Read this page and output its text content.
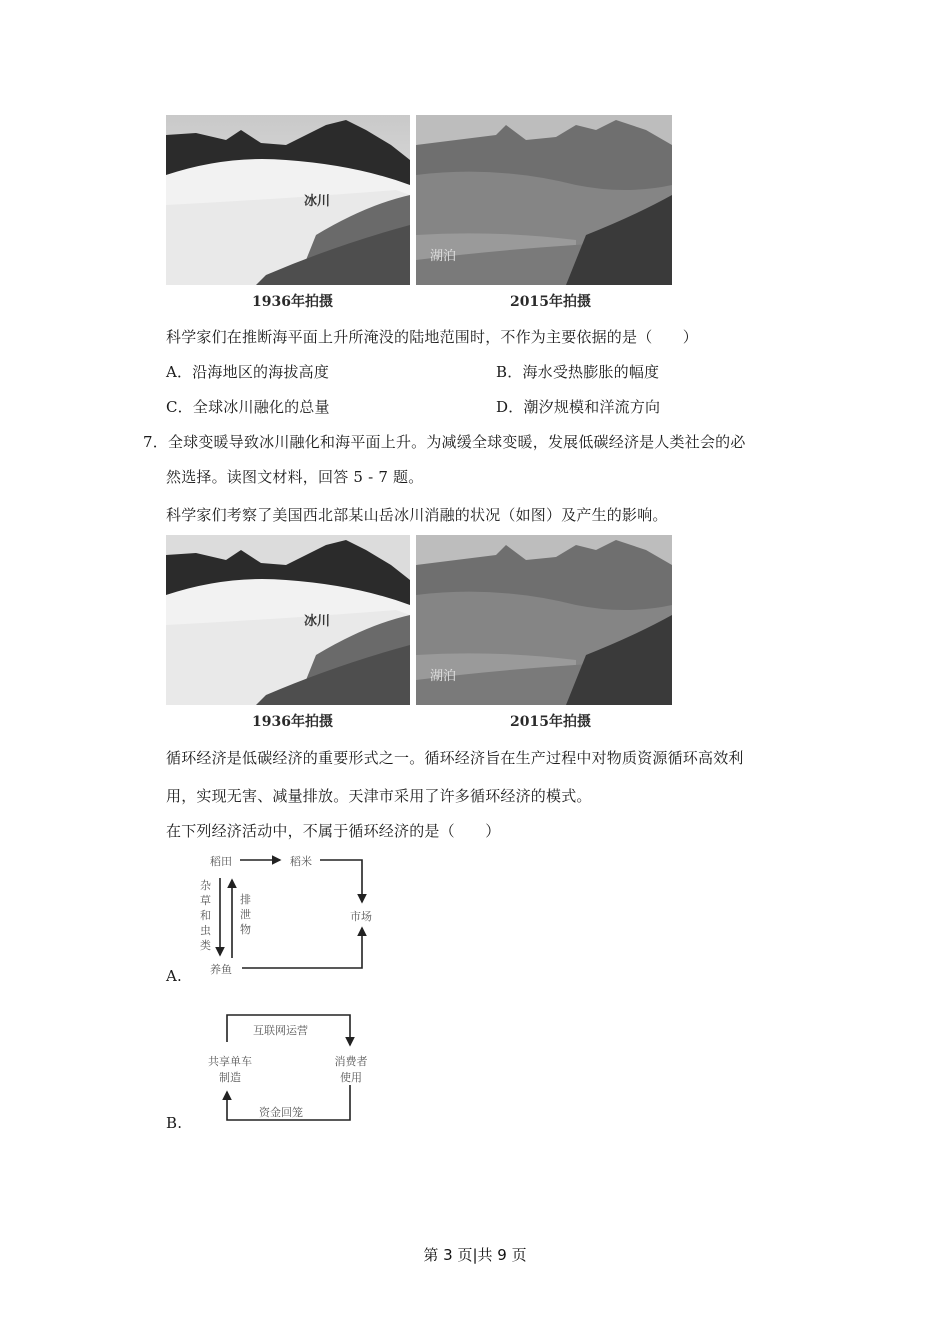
冰川
湖泊
1936年拍摄	2015年拍摄
科学家们在推断海平面上升所淹没的陆地范围时，不作为主要依据的是（　　）
A．沿海地区的海拔高度	B．海水受热膨胀的幅度
C．全球冰川融化的总量	D．潮汐规模和洋流方向
7．全球变暖导致冰川融化和海平面上升。为减缓全球变暖，发展低碳经济是人类社会的必
然选择。读图文材料，回答 5 - 7 题。
科学家们考察了美国西北部某山岳冰川消融的状况（如图）及产生的影响。
冰川
湖泊
1936年拍摄	2015年拍摄
循环经济是低碳经济的重要形式之一。循环经济旨在生产过程中对物质资源循环高效利
用，实现无害、减量排放。天津市采用了许多循环经济的模式。
在下列经济活动中，不属于循环经济的是（　　）
A.
稻田	稻米
市场
养鱼
杂
草
和
虫
类
排
泄
物
B.
互联网运营
资金回笼
共享单车
制造
消费者
使用
第 3 页|共 9 页
